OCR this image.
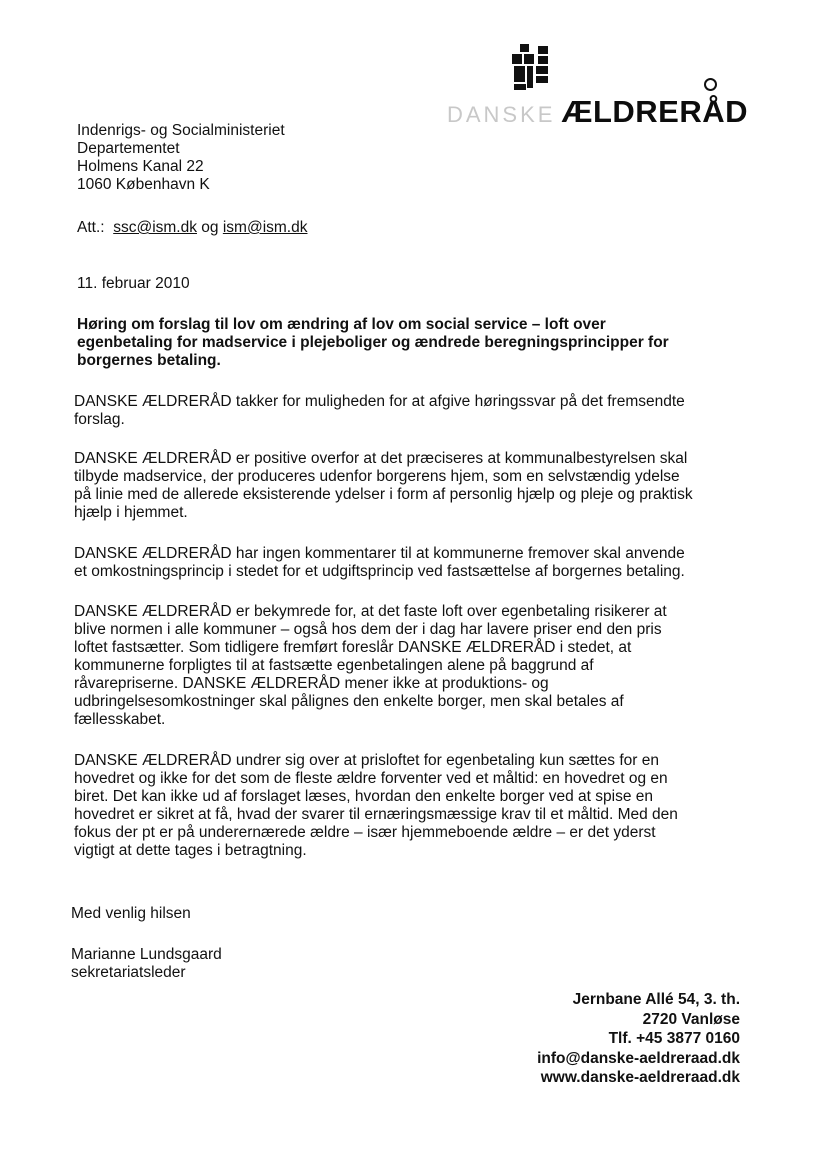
DANSKE ÆLDRERÅD
Indenrigs- og Socialministeriet
Departementet
Holmens Kanal 22
1060 København K
Att.: ssc@ism.dk og ism@ism.dk
11. februar 2010
Høring om forslag til lov om ændring af lov om social service – loft over
egenbetaling for madservice i plejeboliger og ændrede beregningsprincipper for
borgernes betaling.
DANSKE ÆLDRERÅD takker for muligheden for at afgive høringssvar på det fremsendte
forslag.
DANSKE ÆLDRERÅD er positive overfor at det præciseres at kommunalbestyrelsen skal
tilbyde madservice, der produceres udenfor borgerens hjem, som en selvstændig ydelse
på linie med de allerede eksisterende ydelser i form af personlig hjælp og pleje og praktisk
hjælp i hjemmet.
DANSKE ÆLDRERÅD har ingen kommentarer til at kommunerne fremover skal anvende
et omkostningsprincip i stedet for et udgiftsprincip ved fastsættelse af borgernes betaling.
DANSKE ÆLDRERÅD er bekymrede for, at det faste loft over egenbetaling risikerer at
blive normen i alle kommuner – også hos dem der i dag har lavere priser end den pris
loftet fastsætter. Som tidligere fremført foreslår DANSKE ÆLDRERÅD i stedet, at
kommunerne forpligtes til at fastsætte egenbetalingen alene på baggrund af
råvarepriserne. DANSKE ÆLDRERÅD mener ikke at produktions- og
udbringelsesomkostninger skal pålignes den enkelte borger, men skal betales af
fællesskabet.
DANSKE ÆLDRERÅD undrer sig over at prisloftet for egenbetaling kun sættes for en
hovedret og ikke for det som de fleste ældre forventer ved et måltid: en hovedret og en
biret. Det kan ikke ud af forslaget læses, hvordan den enkelte borger ved at spise en
hovedret er sikret at få, hvad der svarer til ernæringsmæssige krav til et måltid. Med den
fokus der pt er på underernærede ældre – især hjemmeboende ældre – er det yderst
vigtigt at dette tages i betragtning.
Med venlig hilsen
Marianne Lundsgaard
sekretariatsleder
Jernbane Allé 54, 3. th.
2720 Vanløse
Tlf. +45 3877 0160
info@danske-aeldreraad.dk
www.danske-aeldreraad.dk
